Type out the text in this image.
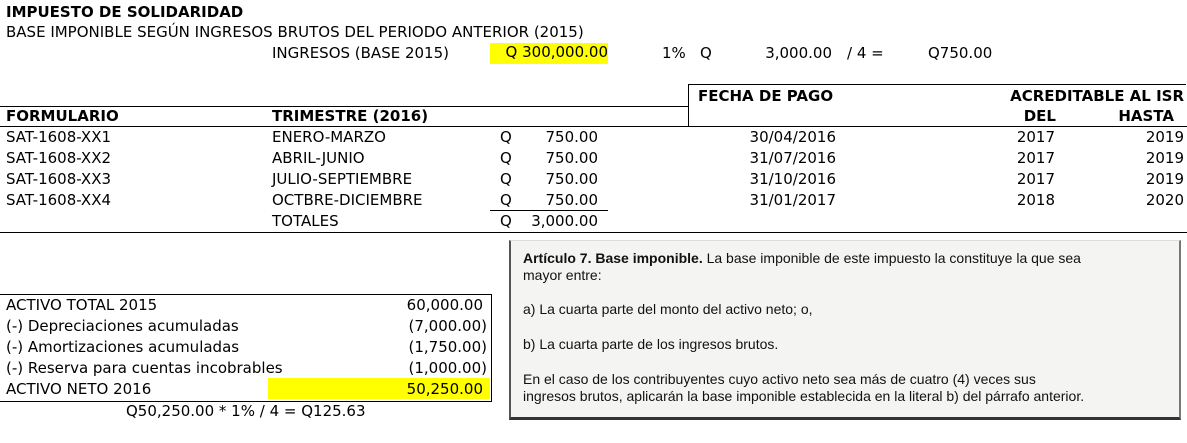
IMPUESTO DE SOLIDARIDAD
BASE IMPONIBLE SEGÚN INGRESOS BRUTOS DEL PERIODO ANTERIOR (2015)
INGRESOS (BASE 2015)	Q 300,000.00	1% Q	3,000.00 / 4 =	Q750.00
FECHA DE PAGO	ACREDITABLE AL ISR
FORMULARIO	TRIMESTRE (2016)	DEL	HASTA
SAT-1608-XX1	ENERO-MARZO	Q	750.00	30/04/2016	2017	2019
SAT-1608-XX2	ABRIL-JUNIO	Q	750.00	31/07/2016	2017	2019
SAT-1608-XX3	JULIO-SEPTIEMBRE	Q	750.00	31/10/2016	2017	2019
SAT-1608-XX4	OCTBRE-DICIEMBRE	Q	750.00	31/01/2017	2018	2020
TOTALES	Q	3,000.00
ACTIVO TOTAL 2015	60,000.00
(-) Depreciaciones acumuladas	(7,000.00)
(-) Amortizaciones acumuladas	(1,750.00)
(-) Reserva para cuentas incobrables	(1,000.00)
ACTIVO NETO 2016	50,250.00
Q50,250.00 * 1% / 4 = Q125.63
Artículo 7. Base imponible. La base imponible de este impuesto la constituye la que sea
mayor entre:
a) La cuarta parte del monto del activo neto; o,
b) La cuarta parte de los ingresos brutos.
En el caso de los contribuyentes cuyo activo neto sea más de cuatro (4) veces sus
ingresos brutos, aplicarán la base imponible establecida en la literal b) del párrafo anterior.
